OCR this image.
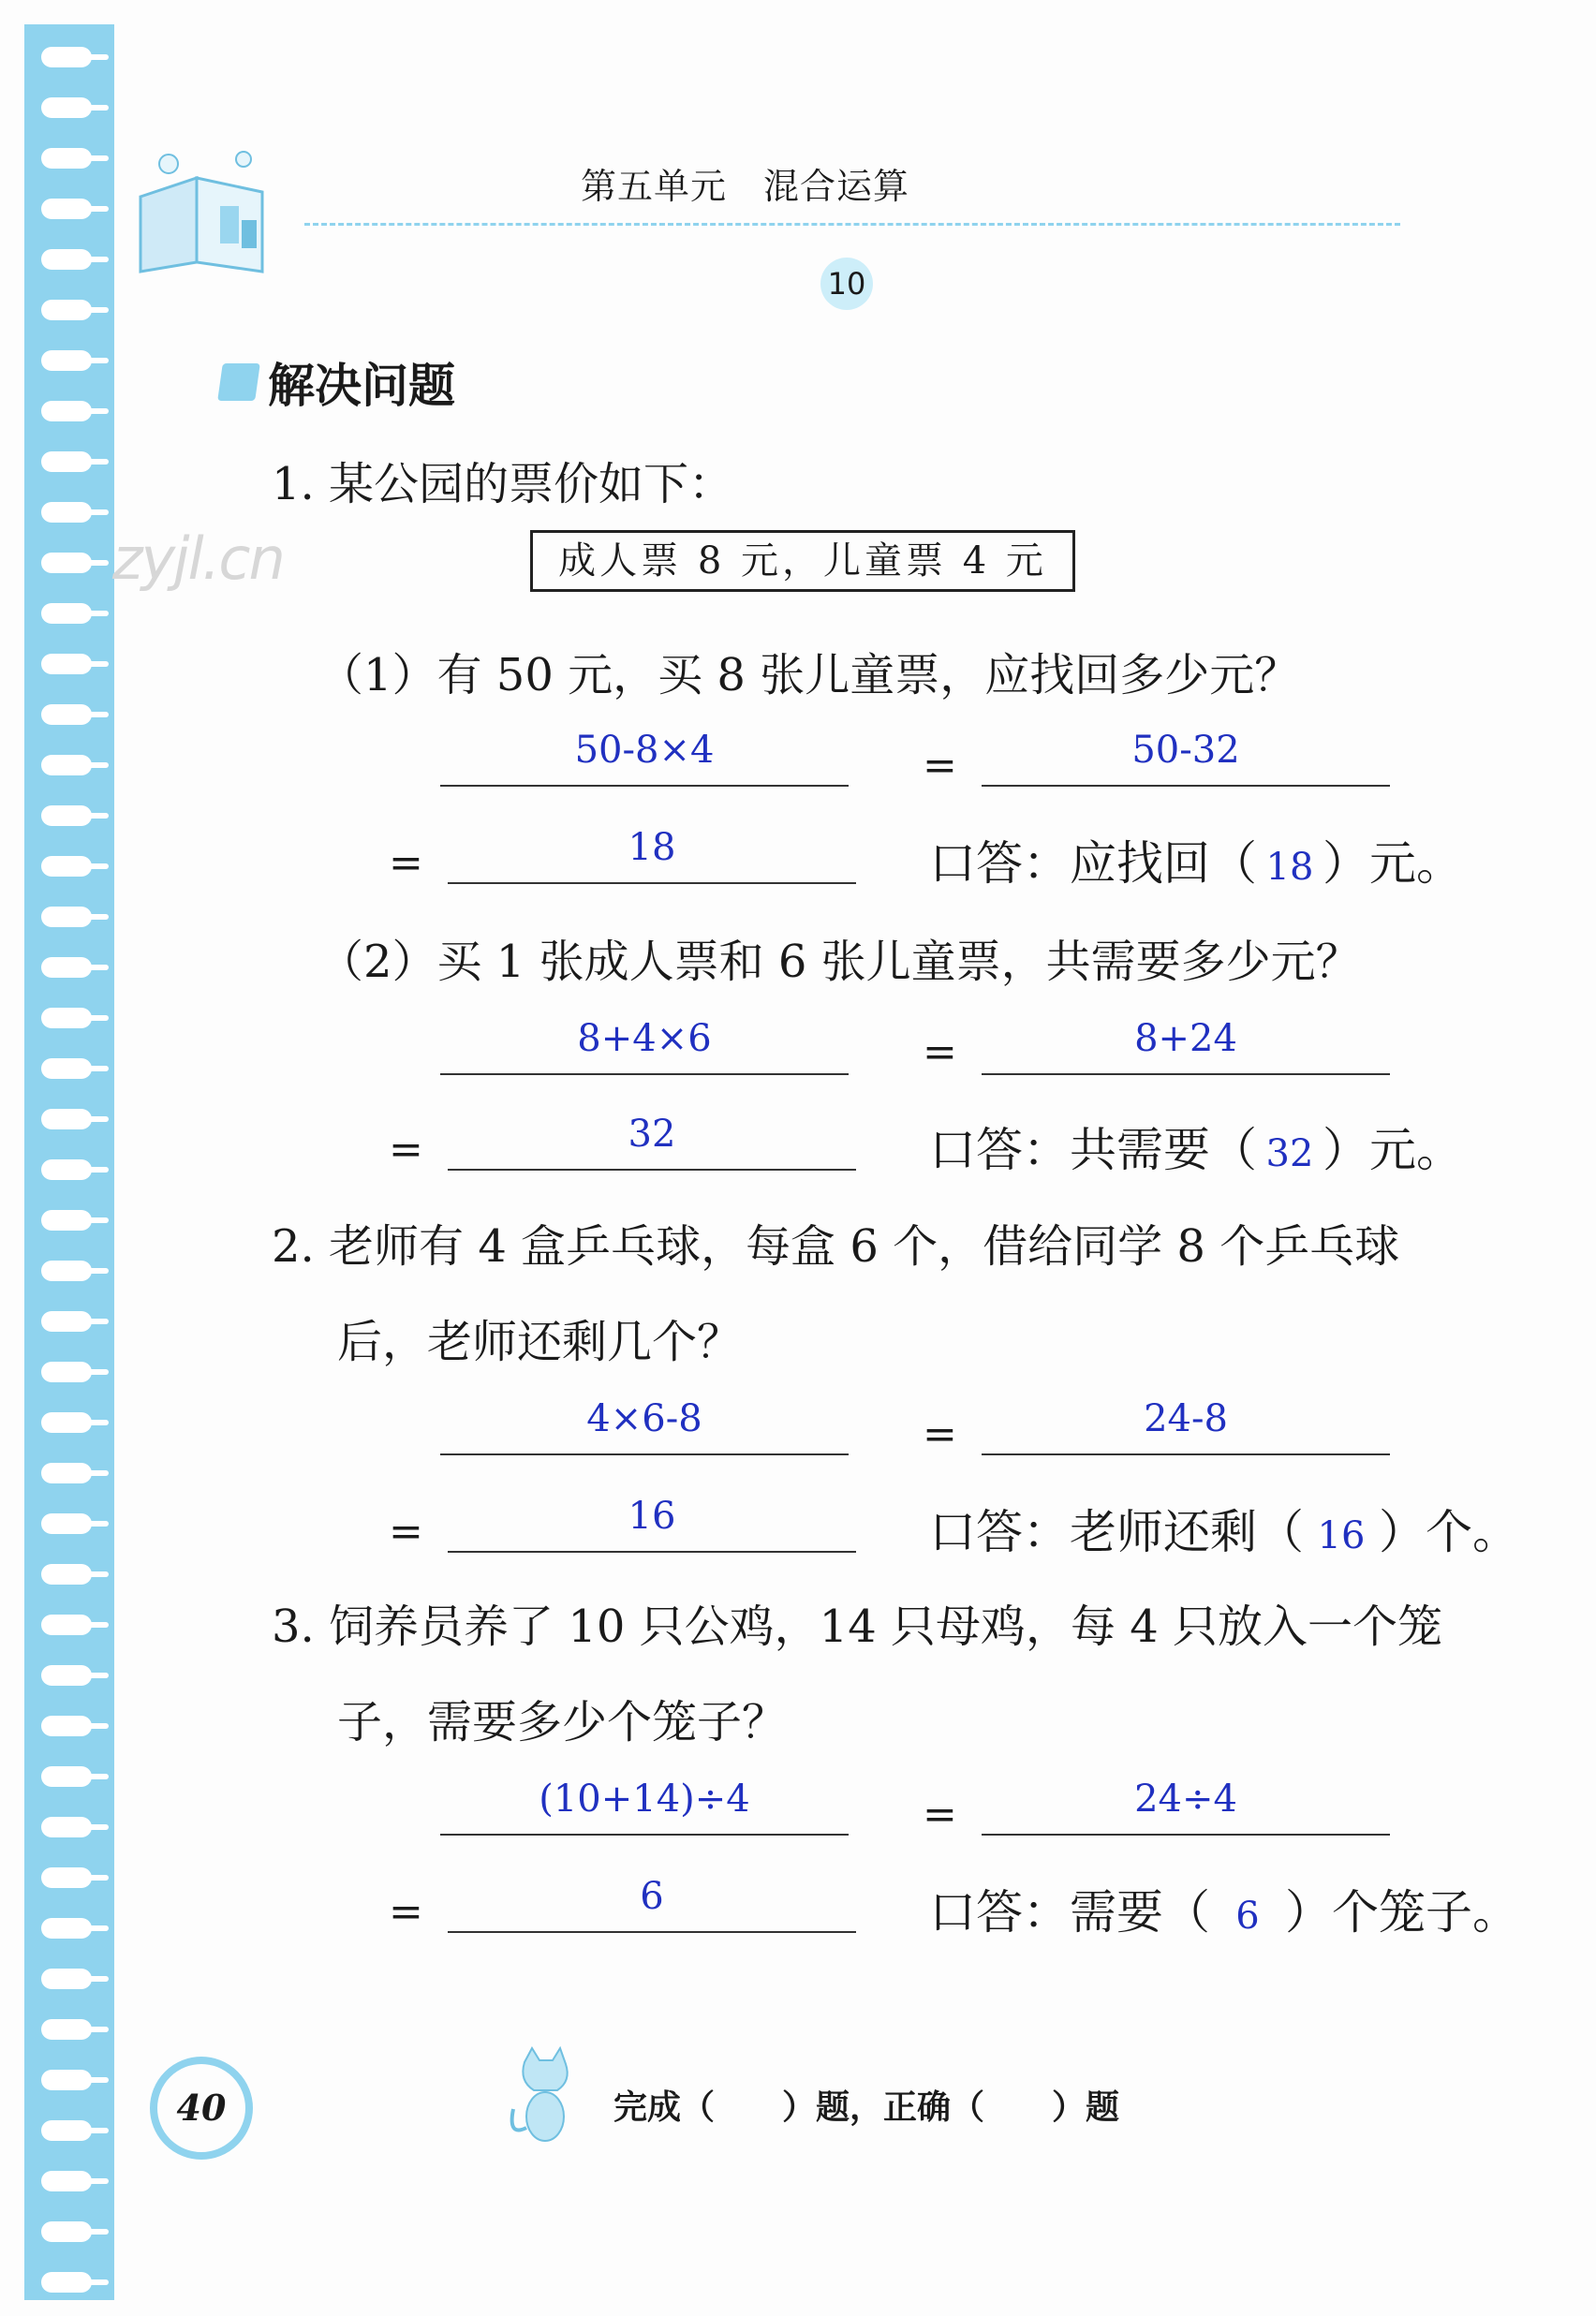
第五单元　混合运算
10
解决问题
zyjl.cn
1. 某公园的票价如下：
成人票 8 元，儿童票 4 元
（1）有 50 元，买 8 张儿童票，应找回多少元？
50-8×4	=	50-32
=	18	口答：应找回（ 18 ）元。
（2）买 1 张成人票和 6 张儿童票，共需要多少元？
8+4×6	=	8+24
=	32	口答：共需要（ 32 ）元。
2. 老师有 4 盒乒乓球，每盒 6 个，借给同学 8 个乒乓球
后，老师还剩几个？
4×6-8	=	24-8
=	16	口答：老师还剩（ 16 ）个。
3. 饲养员养了 10 只公鸡，14 只母鸡，每 4 只放入一个笼
子，需要多少个笼子？
(10+14)÷4	=	24÷4
=	6	口答：需要（ 6 ）个笼子。
40	完成（　　）题，正确（　　）题
